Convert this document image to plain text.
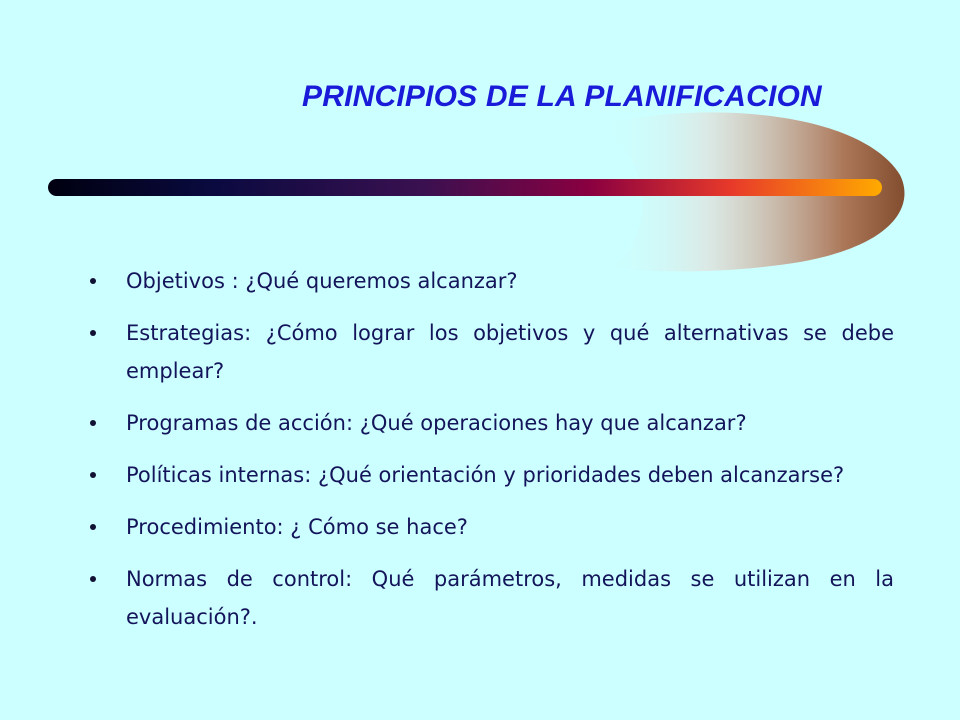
PRINCIPIOS DE LA PLANIFICACION
Objetivos : ¿Qué queremos alcanzar?
Estrategias: ¿Cómo lograr los objetivos y qué alternativas se debe emplear?
Programas de acción: ¿Qué operaciones hay que alcanzar?
Políticas internas: ¿Qué orientación y prioridades deben alcanzarse?
Procedimiento: ¿ Cómo se hace?
Normas de control: Qué parámetros, medidas se utilizan en la evaluación?.
